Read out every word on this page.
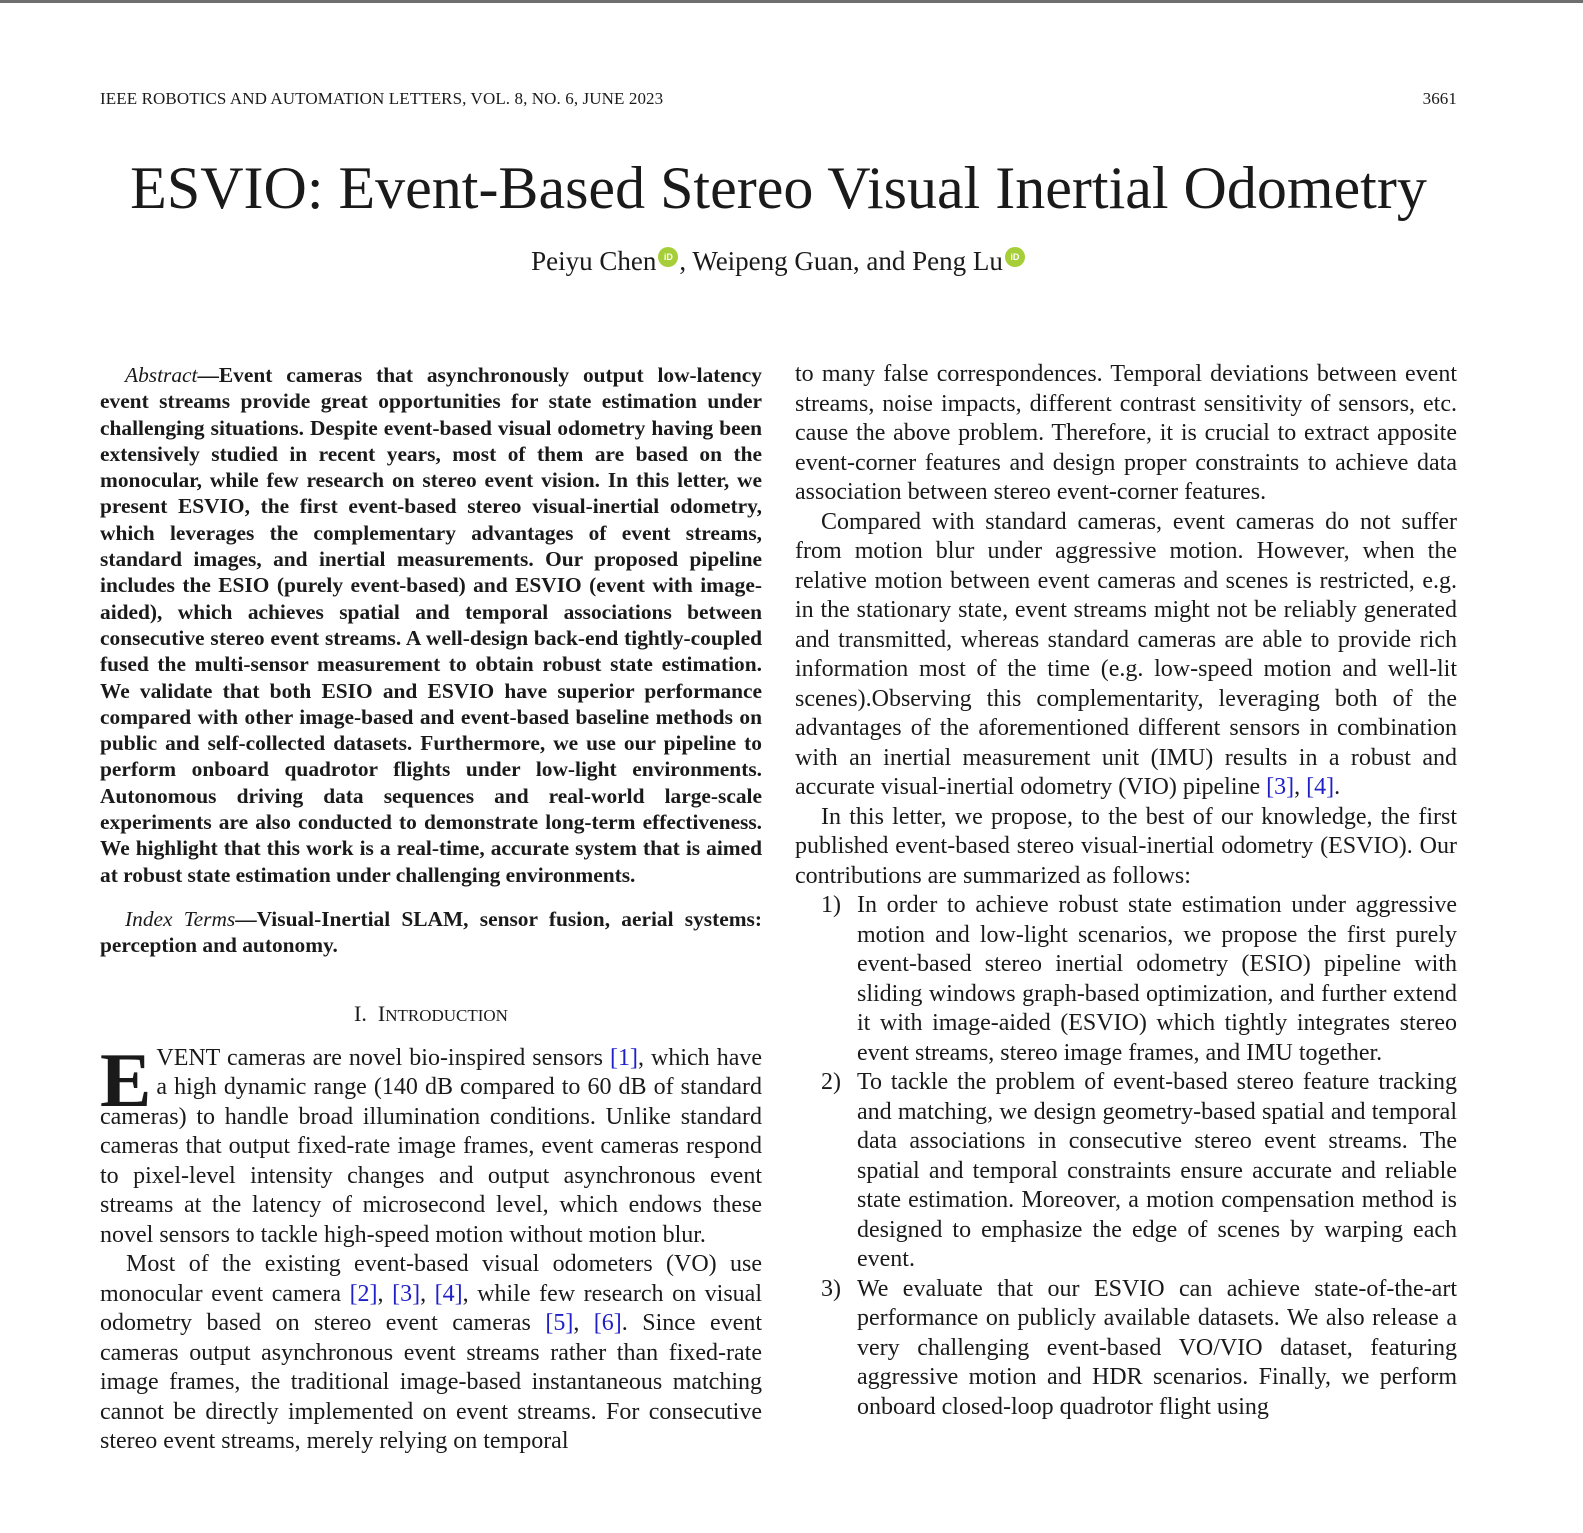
IEEE ROBOTICS AND AUTOMATION LETTERS, VOL. 8, NO. 6, JUNE 2023	3661
ESVIO: Event-Based Stereo Visual Inertial Odometry
Peiyu Chen iD , Weipeng Guan, and Peng Lu iD

Abstract—Event cameras that asynchronously output low-latency event streams provide great opportunities for state estimation under challenging situations. Despite event-based visual odometry having been extensively studied in recent years, most of them are based on the monocular, while few research on stereo event vision. In this letter, we present ESVIO, the first event-based stereo visual-inertial odometry, which leverages the complementary advantages of event streams, standard images, and inertial measurements. Our proposed pipeline includes the ESIO (purely event-based) and ESVIO (event with image-aided), which achieves spatial and temporal associations between consecutive stereo event streams. A well-design back-end tightly-coupled fused the multi-sensor measurement to obtain robust state estimation. We validate that both ESIO and ESVIO have superior performance compared with other image-based and event-based baseline methods on public and self-collected datasets. Furthermore, we use our pipeline to perform onboard quadrotor flights under low-light environments. Autonomous driving data sequences and real-world large-scale experiments are also conducted to demonstrate long-term effectiveness. We highlight that this work is a real-time, accurate system that is aimed at robust state estimation under challenging environments.

Index Terms—Visual-Inertial SLAM, sensor fusion, aerial systems: perception and autonomy.

I. INTRODUCTION

EVENT cameras are novel bio-inspired sensors [1], which have a high dynamic range (140 dB compared to 60 dB of standard cameras) to handle broad illumination conditions. Unlike standard cameras that output fixed-rate image frames, event cameras respond to pixel-level intensity changes and output asynchronous event streams at the latency of microsecond level, which endows these novel sensors to tackle high-speed motion without motion blur.

Most of the existing event-based visual odometers (VO) use monocular event camera [2], [3], [4], while few research on visual odometry based on stereo event cameras [5], [6]. Since event cameras output asynchronous event streams rather than fixed-rate image frames, the traditional image-based instantaneous matching cannot be directly implemented on event streams. For consecutive stereo event streams, merely relying on temporal

to many false correspondences. Temporal deviations between event streams, noise impacts, different contrast sensitivity of sensors, etc. cause the above problem. Therefore, it is crucial to extract apposite event-corner features and design proper constraints to achieve data association between stereo event-corner features.

Compared with standard cameras, event cameras do not suffer from motion blur under aggressive motion. However, when the relative motion between event cameras and scenes is restricted, e.g. in the stationary state, event streams might not be reliably generated and transmitted, whereas standard cameras are able to provide rich information most of the time (e.g. low-speed motion and well-lit scenes).Observing this complementarity, leveraging both of the advantages of the aforementioned different sensors in combination with an inertial measurement unit (IMU) results in a robust and accurate visual-inertial odometry (VIO) pipeline [3], [4].

In this letter, we propose, to the best of our knowledge, the first published event-based stereo visual-inertial odometry (ESVIO). Our contributions are summarized as follows:

1) In order to achieve robust state estimation under aggressive motion and low-light scenarios, we propose the first purely event-based stereo inertial odometry (ESIO) pipeline with sliding windows graph-based optimization, and further extend it with image-aided (ESVIO) which tightly integrates stereo event streams, stereo image frames, and IMU together.
2) To tackle the problem of event-based stereo feature tracking and matching, we design geometry-based spatial and temporal data associations in consecutive stereo event streams. The spatial and temporal constraints ensure accurate and reliable state estimation. Moreover, a motion compensation method is designed to emphasize the edge of scenes by warping each event.
3) We evaluate that our ESVIO can achieve state-of-the-art performance on publicly available datasets. We also release a very challenging event-based VO/VIO dataset, featuring aggressive motion and HDR scenarios. Finally, we perform onboard closed-loop quadrotor flight using
